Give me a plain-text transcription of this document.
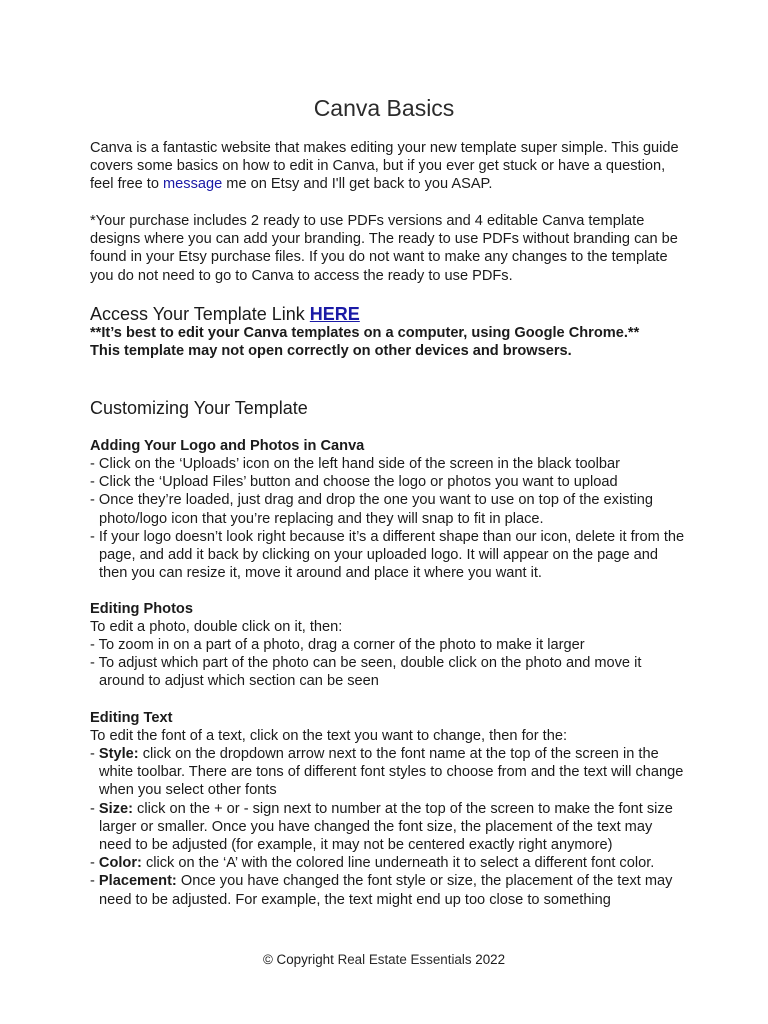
Canva Basics
Canva is a fantastic website that makes editing your new template super simple. This guide covers some basics on how to edit in Canva, but if you ever get stuck or have a question, feel free to message me on Etsy and I'll get back to you ASAP.
*Your purchase includes 2 ready to use PDFs versions and 4 editable Canva template designs where you can add your branding. The ready to use PDFs without branding can be found in your Etsy purchase files. If you do not want to make any changes to the template you do not need to go to Canva to access the ready to use PDFs.
Access Your Template Link HERE
**It’s best to edit your Canva templates on a computer, using Google Chrome.**
This template may not open correctly on other devices and browsers.
Customizing Your Template
Adding Your Logo and Photos in Canva
- Click on the ‘Uploads’ icon on the left hand side of the screen in the black toolbar
- Click the ‘Upload Files’ button and choose the logo or photos you want to upload
- Once they’re loaded, just drag and drop the one you want to use on top of the existing photo/logo icon that you’re replacing and they will snap to fit in place.
- If your logo doesn’t look right because it’s a different shape than our icon, delete it from the page, and add it back by clicking on your uploaded logo. It will appear on the page and then you can resize it, move it around and place it where you want it.
Editing Photos
To edit a photo, double click on it, then:
- To zoom in on a part of a photo, drag a corner of the photo to make it larger
- To adjust which part of the photo can be seen, double click on the photo and move it around to adjust which section can be seen
Editing Text
To edit the font of a text, click on the text you want to change, then for the:
- Style: click on the dropdown arrow next to the font name at the top of the screen in the white toolbar. There are tons of different font styles to choose from and the text will change when you select other fonts
- Size: click on the + or - sign next to number at the top of the screen to make the font size larger or smaller. Once you have changed the font size, the placement of the text may need to be adjusted (for example, it may not be centered exactly right anymore)
- Color: click on the ‘A’ with the colored line underneath it to select a different font color.
- Placement: Once you have changed the font style or size, the placement of the text may need to be adjusted. For example, the text might end up too close to something
© Copyright Real Estate Essentials 2022
